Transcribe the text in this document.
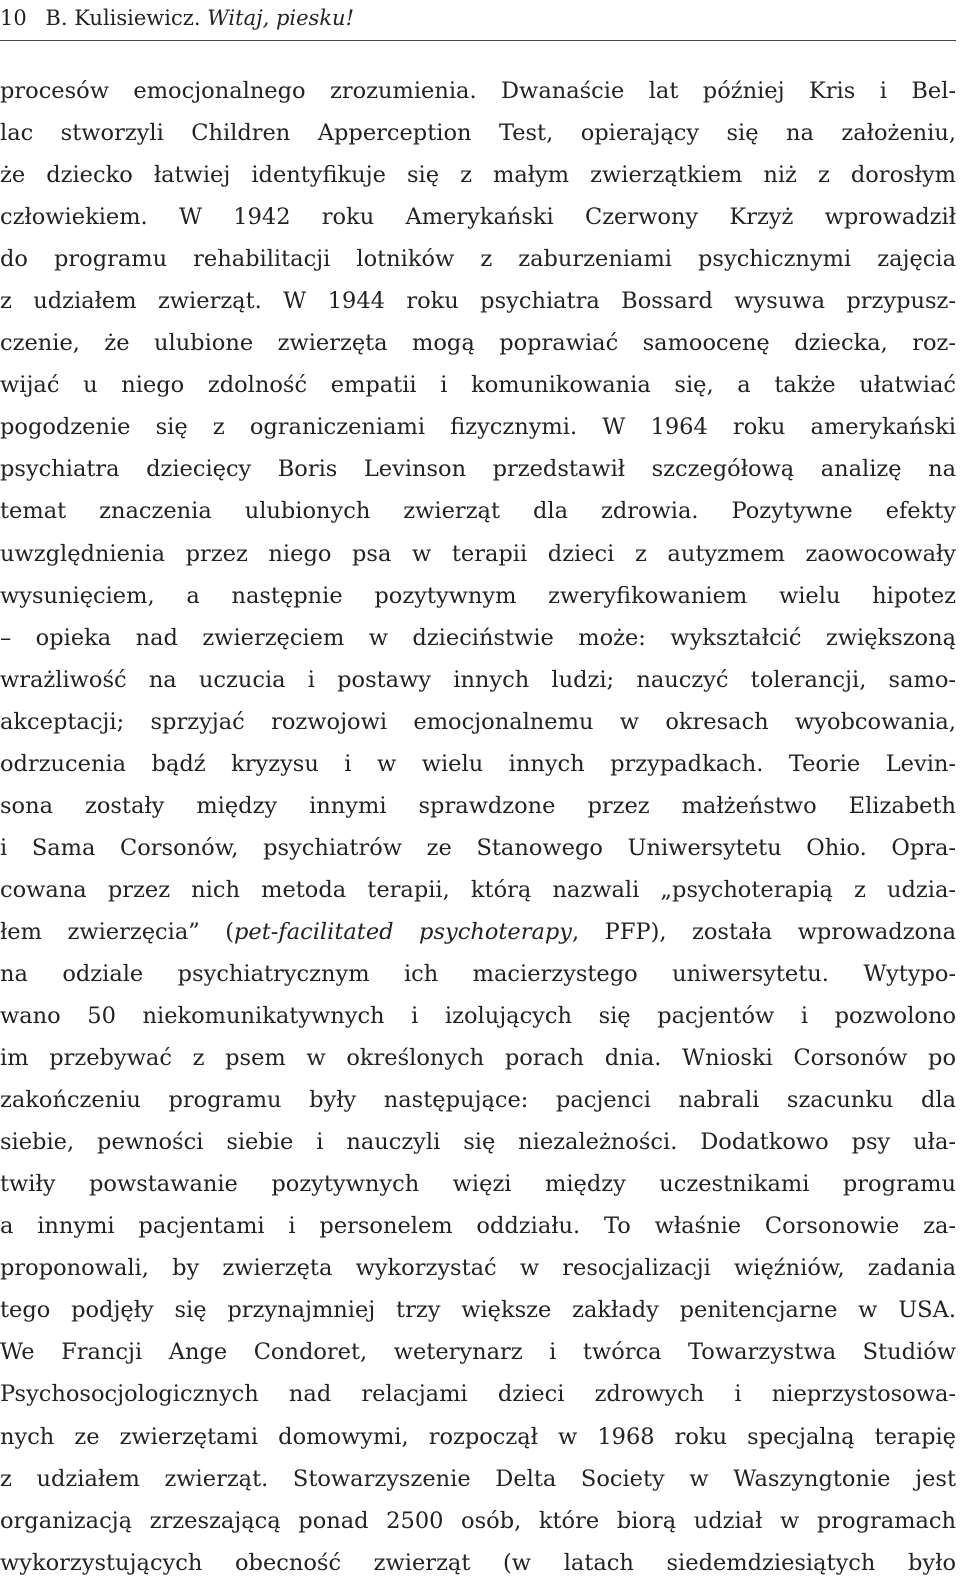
10 B. Kulisiewicz. Witaj, piesku!
procesów emocjonalnego zrozumienia. Dwanaście lat później Kris i Bel-
lac stworzyli Children Apperception Test, opierający się na założeniu,
że dziecko łatwiej identyfikuje się z małym zwierzątkiem niż z dorosłym
człowiekiem. W 1942 roku Amerykański Czerwony Krzyż wprowadził
do programu rehabilitacji lotników z zaburzeniami psychicznymi zajęcia
z udziałem zwierząt. W 1944 roku psychiatra Bossard wysuwa przypusz-
czenie, że ulubione zwierzęta mogą poprawiać samoocenę dziecka, roz-
wijać u niego zdolność empatii i komunikowania się, a także ułatwiać
pogodzenie się z ograniczeniami fizycznymi. W 1964 roku amerykański
psychiatra dziecięcy Boris Levinson przedstawił szczegółową analizę na
temat znaczenia ulubionych zwierząt dla zdrowia. Pozytywne efekty
uwzględnienia przez niego psa w terapii dzieci z autyzmem zaowocowały
wysunięciem, a następnie pozytywnym zweryfikowaniem wielu hipotez
– opieka nad zwierzęciem w dzieciństwie może: wykształcić zwiększoną
wrażliwość na uczucia i postawy innych ludzi; nauczyć tolerancji, samo-
akceptacji; sprzyjać rozwojowi emocjonalnemu w okresach wyobcowania,
odrzucenia bądź kryzysu i w wielu innych przypadkach. Teorie Levin-
sona zostały między innymi sprawdzone przez małżeństwo Elizabeth
i Sama Corsonów, psychiatrów ze Stanowego Uniwersytetu Ohio. Opra-
cowana przez nich metoda terapii, którą nazwali „psychoterapią z udzia-
łem zwierzęcia” (pet-facilitated psychoterapy, PFP), została wprowadzona
na odziale psychiatrycznym ich macierzystego uniwersytetu. Wytypo-
wano 50 niekomunikatywnych i izolujących się pacjentów i pozwolono
im przebywać z psem w określonych porach dnia. Wnioski Corsonów po
zakończeniu programu były następujące: pacjenci nabrali szacunku dla
siebie, pewności siebie i nauczyli się niezależności. Dodatkowo psy uła-
twiły powstawanie pozytywnych więzi między uczestnikami programu
a innymi pacjentami i personelem oddziału. To właśnie Corsonowie za-
proponowali, by zwierzęta wykorzystać w resocjalizacji więźniów, zadania
tego podjęły się przynajmniej trzy większe zakłady penitencjarne w USA.
We Francji Ange Condoret, weterynarz i twórca Towarzystwa Studiów
Psychosocjologicznych nad relacjami dzieci zdrowych i nieprzystosowa-
nych ze zwierzętami domowymi, rozpoczął w 1968 roku specjalną terapię
z udziałem zwierząt. Stowarzyszenie Delta Society w Waszyngtonie jest
organizacją zrzeszającą ponad 2500 osób, które biorą udział w programach
wykorzystujących obecność zwierząt (w latach siedemdziesiątych było
